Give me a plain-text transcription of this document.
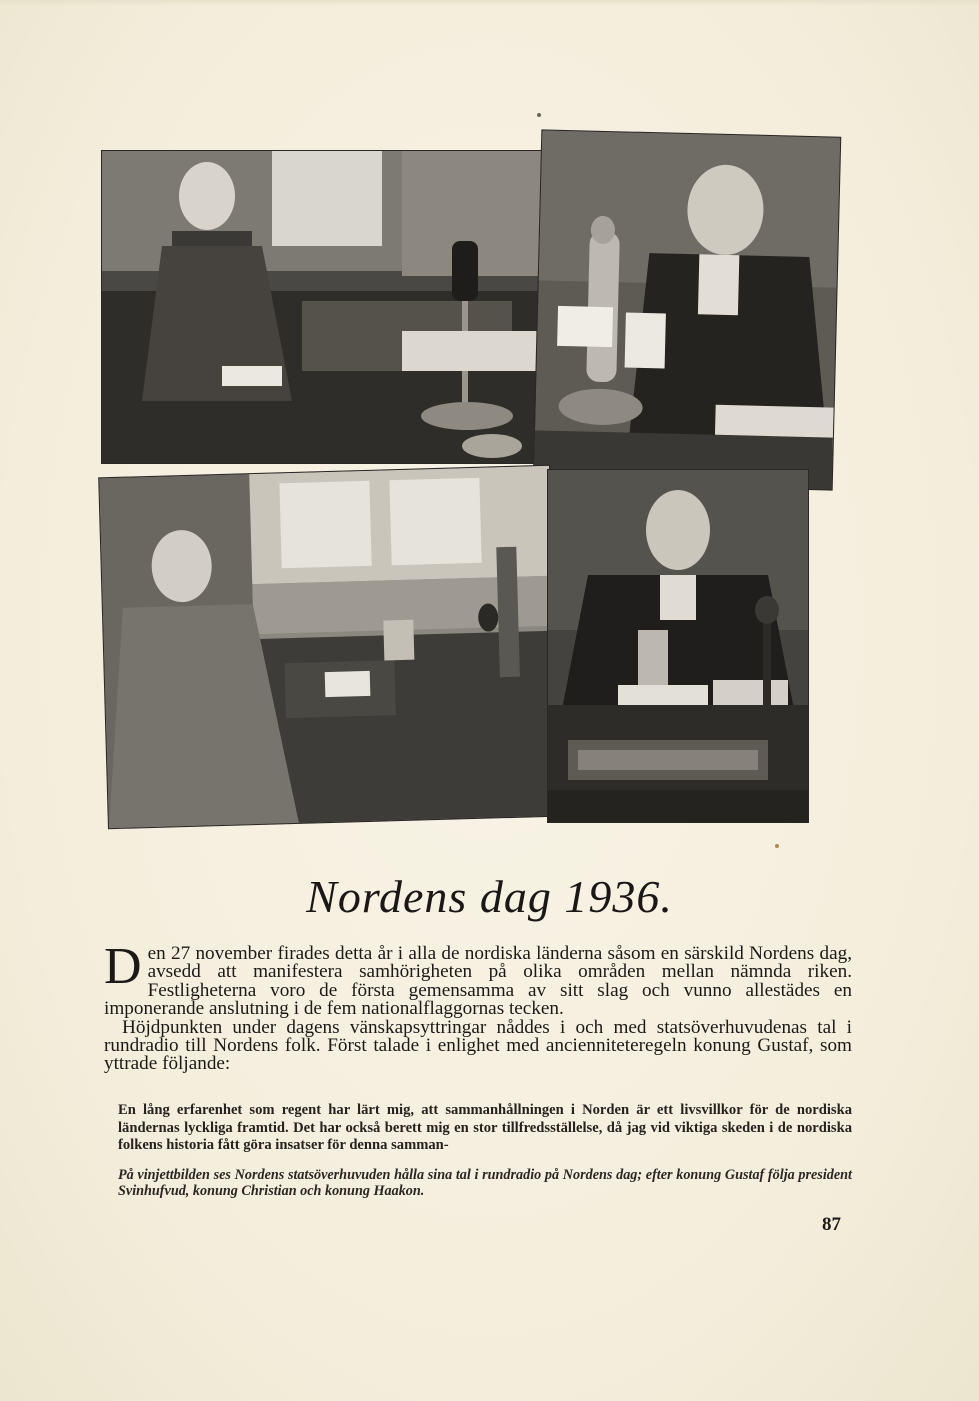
Nordens dag 1936.

Den 27 november firades detta år i alla de nordiska länderna såsom en särskild Nordens dag, avsedd att manifestera samhörigheten på olika områden mellan nämnda riken. Festligheterna voro de första gemensamma av sitt slag och vunno allestädes en imponerande anslutning i de fem nationalflaggornas tecken.

Höjdpunkten under dagens vänskapsyttringar nåddes i och med statsöverhuvudenas tal i rundradio till Nordens folk. Först talade i enlighet med ancienniteteregeln konung Gustaf, som yttrade följande:

En lång erfarenhet som regent har lärt mig, att sammanhållningen i Norden är ett livsvillkor för de nordiska ländernas lyckliga framtid. Det har också berett mig en stor tillfredsställelse, då jag vid viktiga skeden i de nordiska folkens historia fått göra insatser för denna samman-
På vinjettbilden ses Nordens statsöverhuvuden hålla sina tal i rundradio på Nordens dag; efter konung Gustaf följa president Svinhufvud, konung Christian och konung Haakon.
87
